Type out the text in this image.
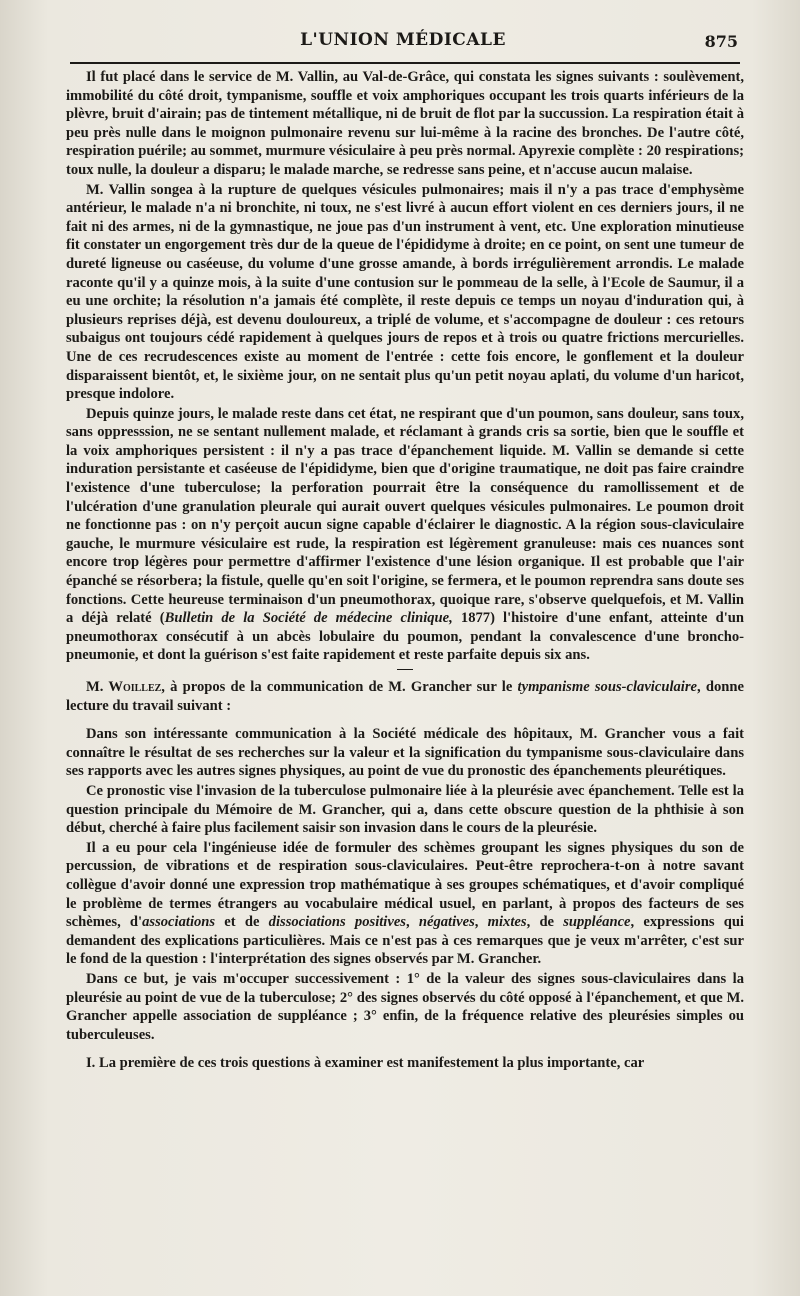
L'UNION MÉDICALE	875

Il fut placé dans le service de M. Vallin, au Val-de-Grâce, qui constata les signes suivants : soulèvement, immobilité du côté droit, tympanisme, souffle et voix amphoriques occupant les trois quarts inférieurs de la plèvre, bruit d'airain; pas de tintement métallique, ni de bruit de flot par la succussion. La respiration était à peu près nulle dans le moignon pulmonaire revenu sur lui-même à la racine des bronches. De l'autre côté, respiration puérile; au sommet, murmure vésiculaire à peu près normal. Apyrexie complète : 20 respirations; toux nulle, la douleur a disparu; le malade marche, se redresse sans peine, et n'accuse aucun malaise.

M. Vallin songea à la rupture de quelques vésicules pulmonaires; mais il n'y a pas trace d'emphysème antérieur, le malade n'a ni bronchite, ni toux, ne s'est livré à aucun effort violent en ces derniers jours, il ne fait ni des armes, ni de la gymnastique, ne joue pas d'un instrument à vent, etc. Une exploration minutieuse fit constater un engorgement très dur de la queue de l'épididyme à droite; en ce point, on sent une tumeur de dureté ligneuse ou caséeuse, du volume d'une grosse amande, à bords irrégulièrement arrondis. Le malade raconte qu'il y a quinze mois, à la suite d'une contusion sur le pommeau de la selle, à l'Ecole de Saumur, il a eu une orchite; la résolution n'a jamais été complète, il reste depuis ce temps un noyau d'induration qui, à plusieurs reprises déjà, est devenu douloureux, a triplé de volume, et s'accompagne de douleur : ces retours subaigus ont toujours cédé rapidement à quelques jours de repos et à trois ou quatre frictions mercurielles. Une de ces recrudescences existe au moment de l'entrée : cette fois encore, le gonflement et la douleur disparaissent bientôt, et, le sixième jour, on ne sentait plus qu'un petit noyau aplati, du volume d'un haricot, presque indolore.

Depuis quinze jours, le malade reste dans cet état, ne respirant que d'un poumon, sans douleur, sans toux, sans oppresssion, ne se sentant nullement malade, et réclamant à grands cris sa sortie, bien que le souffle et la voix amphoriques persistent : il n'y a pas trace d'épanchement liquide. M. Vallin se demande si cette induration persistante et caséeuse de l'épididyme, bien que d'origine traumatique, ne doit pas faire craindre l'existence d'une tuberculose; la perforation pourrait être la conséquence du ramollissement et de l'ulcération d'une granulation pleurale qui aurait ouvert quelques vésicules pulmonaires. Le poumon droit ne fonctionne pas : on n'y perçoit aucun signe capable d'éclairer le diagnostic. A la région sous-claviculaire gauche, le murmure vésiculaire est rude, la respiration est légèrement granuleuse: mais ces nuances sont encore trop légères pour permettre d'affirmer l'existence d'une lésion organique. Il est probable que l'air épanché se résorbera; la fistule, quelle qu'en soit l'origine, se fermera, et le poumon reprendra sans doute ses fonctions. Cette heureuse terminaison d'un pneumothorax, quoique rare, s'observe quelquefois, et M. Vallin a déjà relaté (Bulletin de la Société de médecine clinique, 1877) l'histoire d'une enfant, atteinte d'un pneumothorax consécutif à un abcès lobulaire du poumon, pendant la convalescence d'une broncho-pneumonie, et dont la guérison s'est faite rapidement et reste parfaite depuis six ans.

M. Woillez, à propos de la communication de M. Grancher sur le tympanisme sous-claviculaire, donne lecture du travail suivant :

Dans son intéressante communication à la Société médicale des hôpitaux, M. Grancher vous a fait connaître le résultat de ses recherches sur la valeur et la signification du tympanisme sous-claviculaire dans ses rapports avec les autres signes physiques, au point de vue du pronostic des épanchements pleurétiques.

Ce pronostic vise l'invasion de la tuberculose pulmonaire liée à la pleurésie avec épanchement. Telle est la question principale du Mémoire de M. Grancher, qui a, dans cette obscure question de la phthisie à son début, cherché à faire plus facilement saisir son invasion dans le cours de la pleurésie.

Il a eu pour cela l'ingénieuse idée de formuler des schèmes groupant les signes physiques du son de percussion, de vibrations et de respiration sous-claviculaires. Peut-être reprochera-t-on à notre savant collègue d'avoir donné une expression trop mathématique à ses groupes schématiques, et d'avoir compliqué le problème de termes étrangers au vocabulaire médical usuel, en parlant, à propos des facteurs de ses schèmes, d'associations et de dissociations positives, négatives, mixtes, de suppléance, expressions qui demandent des explications particulières. Mais ce n'est pas à ces remarques que je veux m'arrêter, c'est sur le fond de la question : l'interprétation des signes observés par M. Grancher.

Dans ce but, je vais m'occuper successivement : 1° de la valeur des signes sous-claviculaires dans la pleurésie au point de vue de la tuberculose; 2° des signes observés du côté opposé à l'épanchement, et que M. Grancher appelle association de suppléance ; 3° enfin, de la fréquence relative des pleurésies simples ou tuberculeuses.

I. La première de ces trois questions à examiner est manifestement la plus importante, car
